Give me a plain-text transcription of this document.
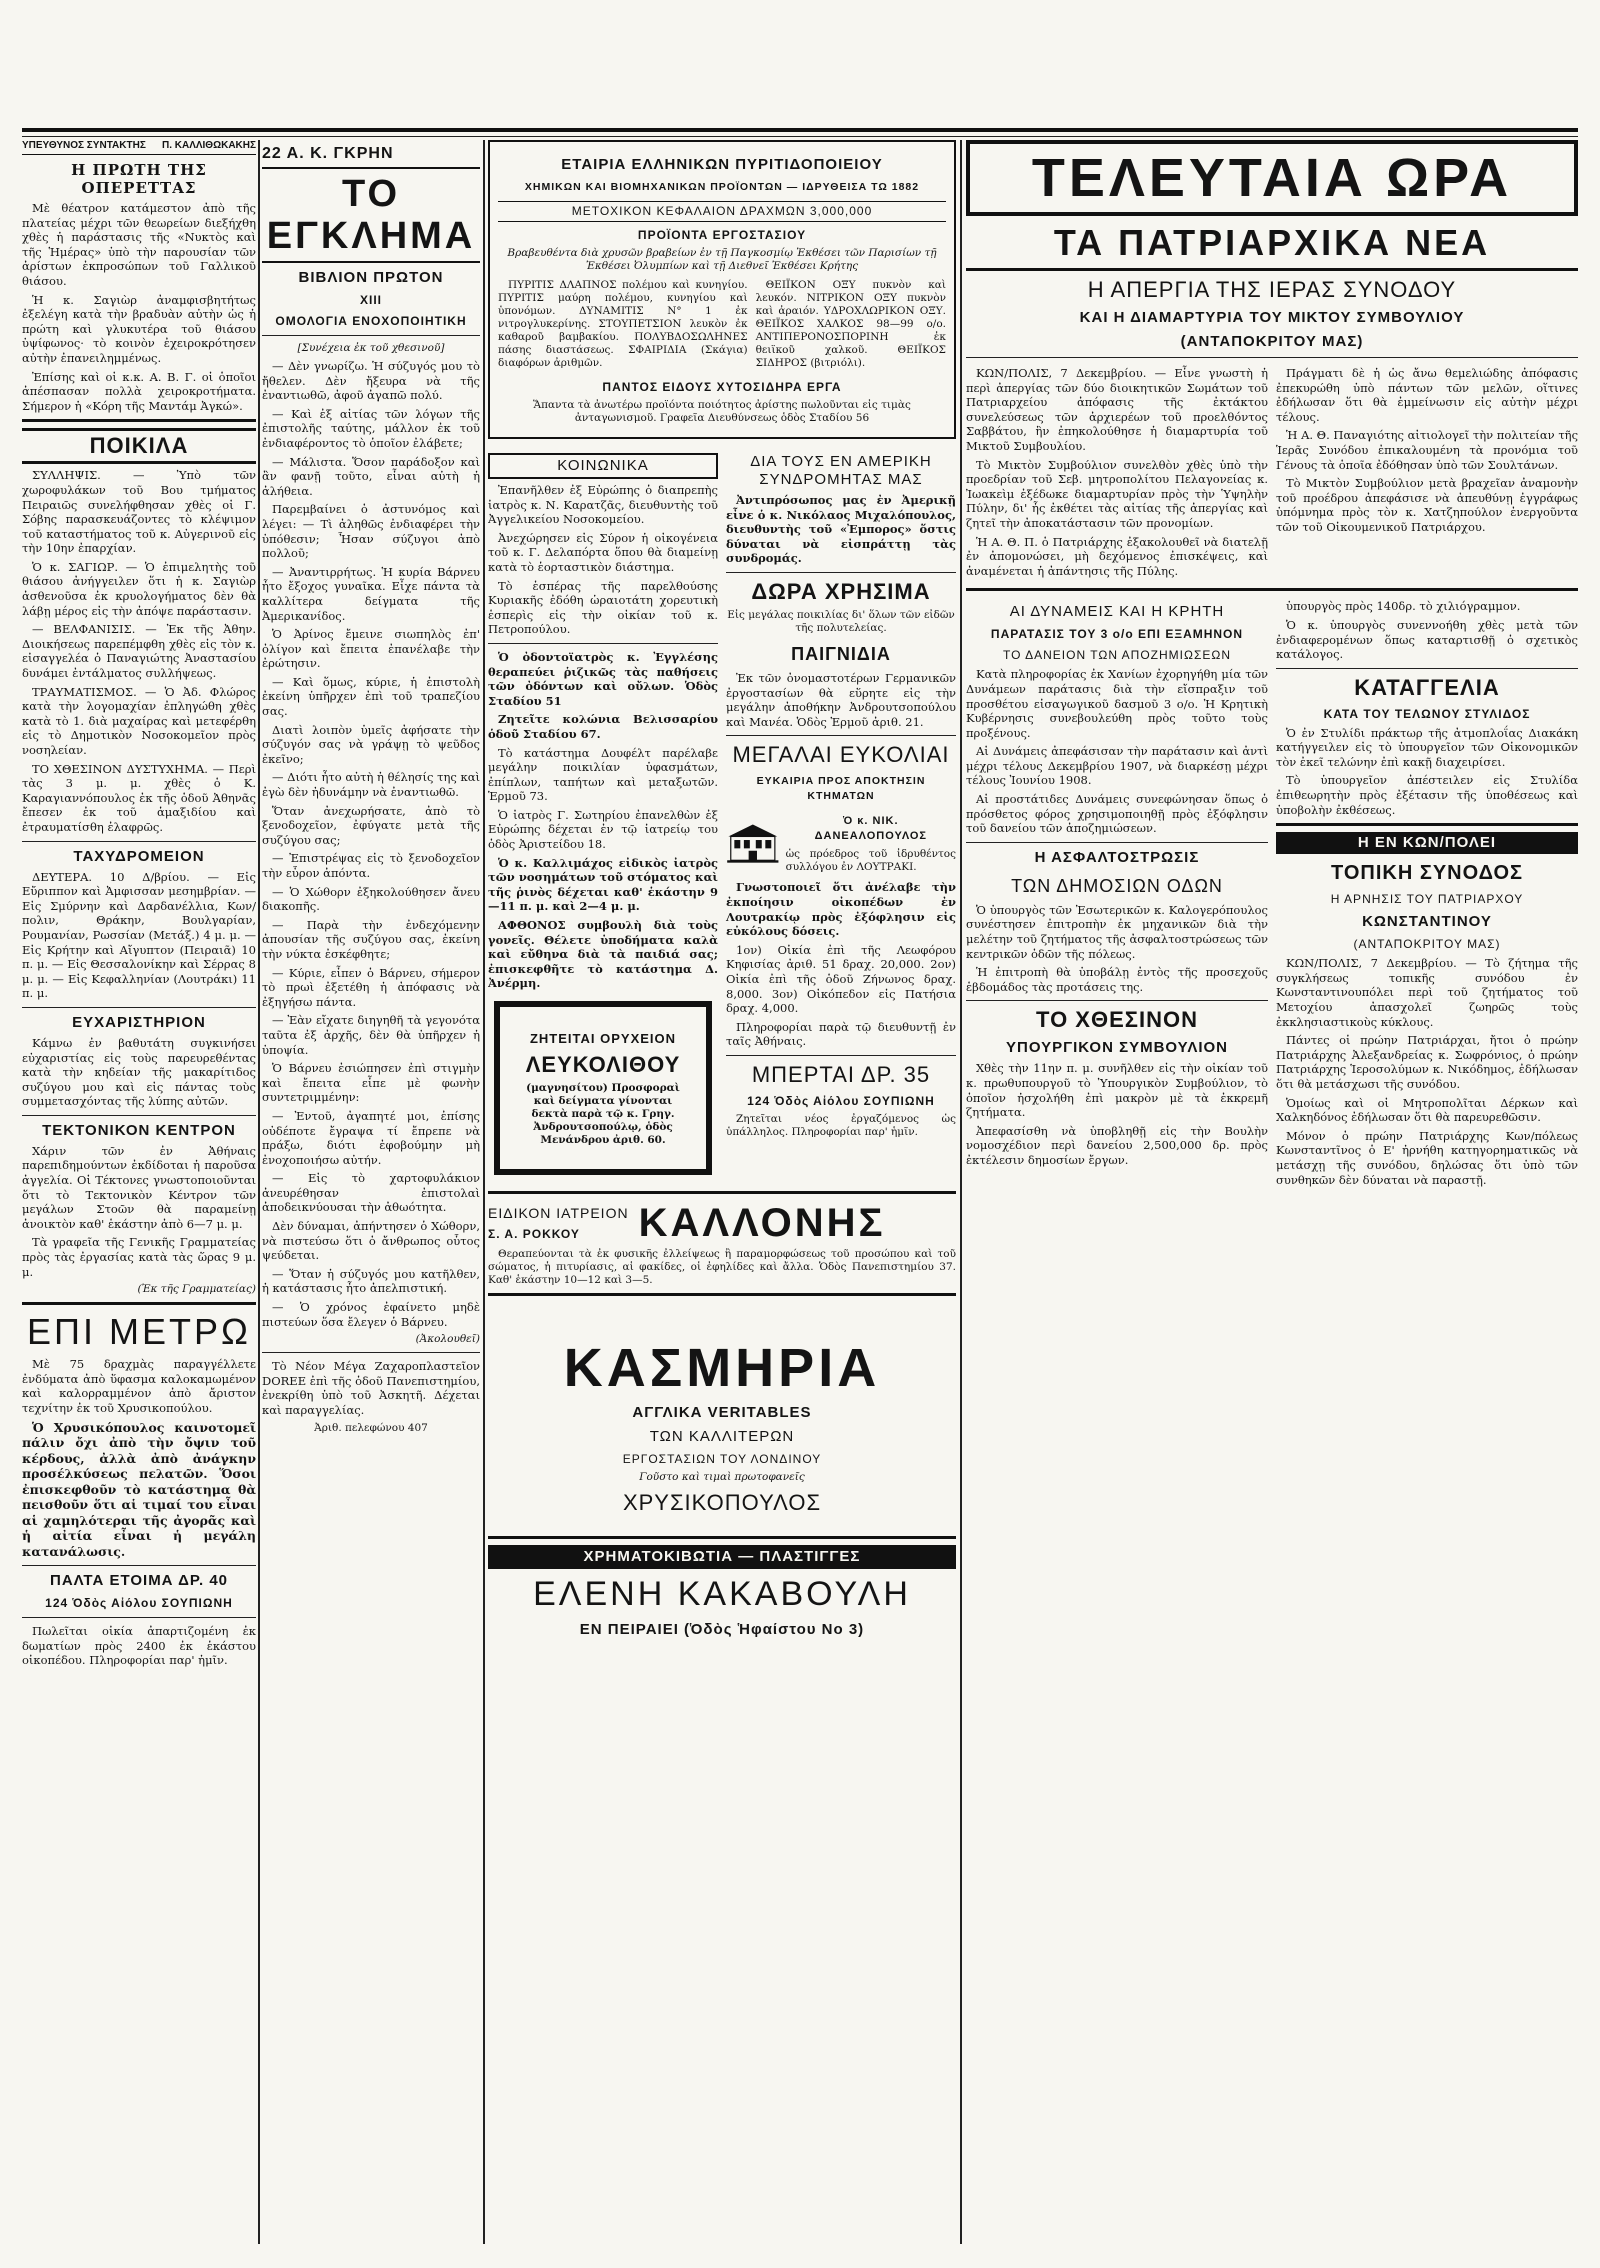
ΥΠΕΥΘΥΝΟΣ ΣΥΝΤΑΚΤΗΣ Π. ΚΑΛΛΙΘΩΚΑΚΗΣ
Η ΠΡΩΤΗ ΤΗΣ ΟΠΕΡΕΤΤΑΣ

Μὲ θέατρον κατάμεστον ἀπὸ τῆς πλατείας μέχρι τῶν θεωρείων διεξήχθη χθὲς ἡ παράστασις τῆς «Νυκτὸς καὶ τῆς Ἡμέρας» ὑπὸ τὴν παρουσίαν τῶν ἀρίστων ἐκπροσώπων τοῦ Γαλλικοῦ θιάσου.

Ἡ κ. Σαγιὼρ ἀναμφισβητήτως ἐξελέγη κατὰ τὴν βραδυὰν αὐτὴν ὡς ἡ πρώτη καὶ γλυκυτέρα τοῦ θιάσου ὑψίφωνος· τὸ κοινὸν ἐχειροκρότησεν αὐτὴν ἐπανειλημμένως.

Ἐπίσης καὶ οἱ κ.κ. Α. Β. Γ. οἱ ὁποῖοι ἀπέσπασαν πολλὰ χειροκροτήματα. Σήμερον ἡ «Κόρη τῆς Μαντάμ Ἀγκώ».

ΠΟΙΚΙΛΑ

ΣΥΛΛΗΨΙΣ. — Ὑπὸ τῶν χωροφυλάκων τοῦ Βου τμήματος Πειραιῶς συνελήφθησαν χθὲς οἱ Γ. Σόβης παρασκευάζοντες τὸ κλέψιμον τοῦ καταστήματος τοῦ κ. Αὐγερινοῦ εἰς τὴν 10ην ἐπαρχίαν.

Ὁ κ. ΣΑΓΙΩΡ. — Ὁ ἐπιμελητὴς τοῦ θιάσου ἀνήγγειλεν ὅτι ἡ κ. Σαγιὼρ ἀσθενοῦσα ἐκ κρυολογήματος δὲν θὰ λάβῃ μέρος εἰς τὴν ἀπόψε παράστασιν.

— ΒΕΛΦΑΝΙΣΙΣ. — Ἐκ τῆς Ἀθην. Διοικήσεως παρεπέμφθη χθὲς εἰς τὸν κ. εἰσαγγελέα ὁ Παναγιώτης Ἀναστασίου δυνάμει ἐντάλματος συλλήψεως.

ΤΡΑΥΜΑΤΙΣΜΟΣ. — Ὁ Ἀδ. Φλώρος κατὰ τὴν λογομαχίαν ἐπληγώθη χθὲς κατὰ τὸ 1. διὰ μαχαίρας καὶ μετεφέρθη εἰς τὸ Δημοτικὸν Νοσοκομεῖον πρὸς νοσηλείαν.

ΤΟ ΧΘΕΣΙΝΟΝ ΔΥΣΤΥΧΗΜΑ. — Περὶ τὰς 3 μ. μ. χθὲς ὁ Κ. Καραγιαννόπουλος ἐκ τῆς ὁδοῦ Ἀθηνᾶς ἔπεσεν ἐκ τοῦ ἁμαξιδίου καὶ ἐτραυματίσθη ἐλαφρῶς.

ΤΑΧΥΔΡΟΜΕΙΟΝ

ΔΕΥΤΕΡΑ. 10 Δ/βρίου. — Εἰς Εὔριππον καὶ Ἀμφισσαν μεσημβρίαν. — Εἰς Σμύρνην καὶ Δαρδανέλλια, Κων/πολιν, Θράκην, Βουλγαρίαν, Ρουμανίαν, Ρωσσίαν (Μετάξ.) 4 μ. μ. — Εἰς Κρήτην καὶ Αἴγυπτον (Πειραιᾶ) 10 π. μ. — Εἰς Θεσσαλονίκην καὶ Σέρρας 8 μ. μ. — Εἰς Κεφαλληνίαν (Λουτράκι) 11 π. μ.

ΕΥΧΑΡΙΣΤΗΡΙΟΝ

Κάμνω ἐν βαθυτάτη συγκινήσει εὐχαριστίας εἰς τοὺς παρευρεθέντας κατὰ τὴν κηδείαν τῆς μακαρίτιδος συζύγου μου καὶ εἰς πάντας τοὺς συμμετασχόντας τῆς λύπης αὐτῶν.

ΤΕΚΤΟΝΙΚΟΝ ΚΕΝΤΡΟΝ

Χάριν τῶν ἐν Ἀθήναις παρεπιδημούντων ἐκδίδοται ἡ παροῦσα ἀγγελία. Οἱ Τέκτονες γνωστοποιοῦνται ὅτι τὸ Τεκτονικὸν Κέντρον τῶν μεγάλων Στοῶν θὰ παραμείνῃ ἀνοικτὸν καθ' ἑκάστην ἀπὸ 6—7 μ. μ.

Τὰ γραφεῖα τῆς Γενικῆς Γραμματείας πρὸς τὰς ἐργασίας κατὰ τὰς ὥρας 9 μ. μ.

(Ἐκ τῆς Γραμματείας)
ΕΠΙ ΜΕΤΡΩ

Μὲ 75 δραχμὰς παραγγέλλετε ἐνδύματα ἀπὸ ὕφασμα καλοκαμωμένον καὶ καλορραμμένον ἀπὸ ἄριστον τεχνίτην ἐκ τοῦ Χρυσικοπούλου.

Ὁ Χρυσικόπουλος καινοτομεῖ πάλιν ὄχι ἀπὸ τὴν ὄψιν τοῦ κέρδους, ἀλλὰ ἀπὸ ἀνάγκην προσέλκύσεως πελατῶν. Ὅσοι ἐπισκεφθοῦν τὸ κατάστημα θὰ πεισθοῦν ὅτι αἱ τιμαί του εἶναι αἱ χαμηλότεραι τῆς ἀγορᾶς καὶ ἡ αἰτία εἶναι ἡ μεγάλη κατανάλωσις.

ΠΑΛΤΑ ΕΤΟΙΜΑ ΔΡ. 40
124 Ὁδὸς Αἰόλου ΣΟΥΠΙΩΝΗ

Πωλεῖται οἰκία ἀπαρτιζομένη ἐκ δωματίων πρὸς 2400 ἐκ ἑκάστου οἰκοπέδου. Πληροφορίαι παρ' ἡμῖν.

22 Α. Κ. ΓΚΡΗΝ
ΤΟ ΕΓΚΛΗΜΑ
ΒΙΒΛΙΟΝ ΠΡΩΤΟΝ
XIII
ΟΜΟΛΟΓΙΑ ΕΝΟΧΟΠΟΙΗΤΙΚΗ
[Συνέχεια ἐκ τοῦ χθεσινοῦ]

— Δὲν γνωρίζω. Ἡ σύζυγός μου τὸ ἤθελεν. Δὲν ἤξευρα νὰ τῆς ἐναντιωθῶ, ἀφοῦ ἀγαπῶ πολύ.

— Καὶ ἐξ αἰτίας τῶν λόγων τῆς ἐπιστολῆς ταύτης, μάλλον ἐκ τοῦ ἐνδιαφέροντος τὸ ὁποῖον ἐλάβετε;

— Μάλιστα. Ὅσον παράδοξον καὶ ἂν φανῇ τοῦτο, εἶναι αὐτὴ ἡ ἀλήθεια.

Παρεμβαίνει ὁ ἀστυνόμος καὶ λέγει: — Τὶ ἀληθῶς ἐνδιαφέρει τὴν ὑπόθεσιν; Ἦσαν σύζυγοι ἀπὸ πολλοῦ;

— Ἀναντιρρήτως. Ἡ κυρία Βάρνευ ἦτο ἔξοχος γυναῖκα. Εἶχε πάντα τὰ καλλίτερα δείγματα τῆς Ἀμερικανίδος.

Ὁ Ἀρίνος ἔμεινε σιωπηλὸς ἐπ' ὀλίγον καὶ ἔπειτα ἐπανέλαβε τὴν ἐρώτησιν.

— Καὶ ὅμως, κύριε, ἡ ἐπιστολὴ ἐκείνη ὑπῆρχεν ἐπὶ τοῦ τραπεζίου σας.

Διατὶ λοιπὸν ὑμεῖς ἀφήσατε τὴν σύζυγόν σας νὰ γράψῃ τὸ ψεῦδος ἐκεῖνο;

— Διότι ἦτο αὐτὴ ἡ θέλησίς της καὶ ἐγὼ δὲν ἠδυνάμην νὰ ἐναντιωθῶ.

Ὅταν ἀνεχωρήσατε, ἀπὸ τὸ ξενοδοχεῖον, ἐφύγατε μετὰ τῆς συζύγου σας;

— Ἐπιστρέψας εἰς τὸ ξενοδοχεῖον τὴν εὗρον ἀπόντα.

— Ὁ Χώθορν ἐξηκολούθησεν ἄνευ διακοπῆς.

— Παρὰ τὴν ἐνδεχόμενην ἀπουσίαν τῆς συζύγου σας, ἐκείνη τὴν νύκτα ἐσκέφθητε;

— Κύριε, εἶπεν ὁ Βάρνευ, σήμερον τὸ πρωὶ ἐξετέθη ἡ ἀπόφασις νὰ ἐξηγήσω πάντα.

— Ἐὰν εἴχατε διηγηθῆ τὰ γεγονότα ταῦτα ἐξ ἀρχῆς, δὲν θὰ ὑπῆρχεν ἡ ὑποψία.

Ὁ Βάρνευ ἐσιώπησεν ἐπὶ στιγμὴν καὶ ἔπειτα εἶπε μὲ φωνὴν συντετριμμένην:

— Ἐντοῦ, ἀγαπητέ μοι, ἐπίσης οὐδέποτε ἔγραψα τί ἔπρεπε νὰ πράξω, διότι ἐφοβούμην μὴ ἐνοχοποιήσω αὐτήν.

— Εἰς τὸ χαρτοφυλάκιον ἀνευρέθησαν ἐπιστολαὶ ἀποδεικνύουσαι τὴν ἀθωότητα.

Δὲν δύναμαι, ἀπήντησεν ὁ Χώθορν, νὰ πιστεύσω ὅτι ὁ ἄνθρωπος οὗτος ψεύδεται.

— Ὅταν ἡ σύζυγός μου κατῆλθεν, ἡ κατάστασις ἦτο ἀπελπιστική.

— Ὁ χρόνος ἐφαίνετο μηδὲ πιστεύων ὅσα ἔλεγεν ὁ Βάρνευ.

(Ἀκολουθεῖ)

Τὸ Νέον Μέγα Ζαχαροπλαστεῖον DOREE ἐπὶ τῆς ὁδοῦ Πανεπιστημίου, ἐνεκρίθη ὑπὸ τοῦ Ἀσκητῆ. Δέχεται καὶ παραγγελίας.

Ἀριθ. πελεφώνου 407
ΕΤΑΙΡΙΑ ΕΛΛΗΝΙΚΩΝ ΠΥΡΙΤΙΔΟΠΟΙΕΙΟΥ
ΧΗΜΙΚΩΝ ΚΑΙ ΒΙΟΜΗΧΑΝΙΚΩΝ ΠΡΟΪΟΝΤΩΝ — ΙΔΡΥΘΕΙΣΑ ΤΩ 1882
ΜΕΤΟΧΙΚΟΝ ΚΕΦΑΛΑΙΟΝ ΔΡΑΧΜΩΝ 3,000,000
ΠΡΟΪΟΝΤΑ ΕΡΓΟΣΤΑΣΙΟΥ

Βραβευθέντα διὰ χρυσῶν βραβείων ἐν τῇ Παγκοσμίῳ Ἐκθέσει τῶν Παρισίων τῇ Ἐκθέσει Ὀλυμπίων καὶ τῇ Διεθνεῖ Ἐκθέσει Κρήτης

ΠΥΡΙΤΙΣ ΔΛΑΠΝΟΣ πολέμου καὶ κυνηγίου. ΠΥΡΙΤΙΣ μαύρη πολέμου, κυνηγίου καὶ ὑπονόμων. ΔΥΝΑΜΙΤΙΣ Ν° 1 ἐκ νιτρογλυκερίνης. ΣΤΟΥΠΕΤΣΙΟΝ λευκὸν ἐκ καθαροῦ βαμβακίου. ΠΟΛΥΒΔΟΣΩΛΗΝΕΣ πάσης διαστάσεως. ΣΦΑΙΡΙΔΙΑ (Σκάγια) διαφόρων ἀριθμῶν.

ΘΕΙΪΚΟΝ ΟΞΥ πυκνὸν καὶ λευκόν. ΝΙΤΡΙΚΟΝ ΟΞΥ πυκνὸν καὶ ἀραιόν. ΥΔΡΟΧΛΩΡΙΚΟΝ ΟΞΥ. ΘΕΙΪΚΟΣ ΧΑΛΚΟΣ 98—99 ο/ο. ΑΝΤΙΠΕΡΟΝΟΣΠΟΡΙΝΗ ἐκ θειϊκοῦ χαλκοῦ. ΘΕΙΪΚΟΣ ΣΙΔΗΡΟΣ (βιτριόλι).

ΠΑΝΤΟΣ ΕΙΔΟΥΣ ΧΥΤΟΣΙΔΗΡΑ ΕΡΓΑ

Ἅπαντα τὰ ἀνωτέρω προϊόντα ποιότητος ἀρίστης πωλοῦνται εἰς τιμὰς ἀνταγωνισμοῦ. Γραφεῖα Διευθύνσεως ὁδὸς Σταδίου 56

ΚΟΙΝΩΝΙΚΑ

Ἐπανῆλθεν ἐξ Εὐρώπης ὁ διαπρεπὴς ἰατρὸς κ. Ν. Καρατζᾶς, διευθυντὴς τοῦ Ἀγγελικείου Νοσοκομείου.

Ἀνεχώρησεν εἰς Σύρον ἡ οἰκογένεια τοῦ κ. Γ. Δελαπόρτα ὅπου θὰ διαμείνῃ κατὰ τὸ ἑορταστικὸν διάστημα.

Τὸ ἑσπέρας τῆς παρελθούσης Κυριακῆς ἐδόθη ὡραιοτάτη χορευτικὴ ἑσπερὶς εἰς τὴν οἰκίαν τοῦ κ. Πετροπούλου.

Ὁ ὀδοντοϊατρὸς κ. Ἐγγλέσης θεραπεύει ῥιζικῶς τὰς παθήσεις τῶν ὀδόντων καὶ οὔλων. Ὁδὸς Σταδίου 51

Ζητεῖτε κολώνια Βελισσαρίου ὁδοῦ Σταδίου 67.

Τὸ κατάστημα Δουφέλτ παρέλαβε μεγάλην ποικιλίαν ὑφασμάτων, ἐπίπλων, ταπήτων καὶ μεταξωτῶν. Ἑρμοῦ 73.

Ὁ ἰατρὸς Γ. Σωτηρίου ἐπανελθὼν ἐξ Εὐρώπης δέχεται ἐν τῷ ἰατρείῳ του ὁδὸς Ἀριστείδου 18.

Ὁ κ. Καλλιμάχος εἰδικὸς ἰατρὸς τῶν νοσημάτων τοῦ στόματος καὶ τῆς ῥινὸς δέχεται καθ' ἑκάστην 9—11 π. μ. καὶ 2—4 μ. μ.

ΑΦΘΟΝΟΣ συμβουλὴ διὰ τοὺς γονεῖς. Θέλετε ὑποδήματα καλὰ καὶ εὔθηνα διὰ τὰ παιδιά σας; ἐπισκεφθῆτε τὸ κατάστημα Δ. Ἀνέρμη.

ΖΗΤΕΙΤΑΙ ΟΡΥΧΕΙΟΝ
ΛΕΥΚΟΛΙΘΟΥ

(μαγνησίτου) Προσφοραὶ καὶ δείγματα γίνονται δεκτὰ παρὰ τῷ κ. Γρηγ. Ἀνδρουτσοπούλῳ, ὁδὸς Μενάνδρου ἀριθ. 60.

ΔΙΑ ΤΟΥΣ ΕΝ ΑΜΕΡΙΚΗ ΣΥΝΔΡΟΜΗΤΑΣ ΜΑΣ

Ἀντιπρόσωπος μας ἐν Ἀμερικῇ εἶνε ὁ κ. Νικόλαος Μιχαλόπουλος, διευθυντὴς τοῦ «Ἐμπορος» ὅστις δύναται νὰ εἰσπράττῃ τὰς συνδρομάς.

ΔΩΡΑ ΧΡΗΣΙΜΑ

Εἰς μεγάλας ποικιλίας δι' ὅλων τῶν εἰδῶν τῆς πολυτελείας.

ΠΑΙΓΝΙΔΙΑ

Ἐκ τῶν ὀνομαστοτέρων Γερμανικῶν ἐργοστασίων θὰ εὕρητε εἰς τὴν μεγάλην ἀποθήκην Ἀνδρουτσοπούλου καὶ Μανέα. Ὁδὸς Ἑρμοῦ ἀριθ. 21.

ΜΕΓΑΛΑΙ ΕΥΚΟΛΙΑΙ
ΕΥΚΑΙΡΙΑ ΠΡΟΣ ΑΠΟΚΤΗΣΙΝ ΚΤΗΜΑΤΩΝ
Ὁ κ. ΝΙΚ. ΔΑΝΕΑΛΟΠΟΥΛΟΣ

ὡς πρόεδρος τοῦ ἰδρυθέντος συλλόγου ἐν ΛΟΥΤΡΑΚΙ.

Γνωστοποιεῖ ὅτι ἀνέλαβε τὴν ἐκποίησιν οἰκοπέδων ἐν Λουτρακίῳ πρὸς ἐξόφλησιν εἰς εὐκόλους δόσεις.

1ον) Οἰκία ἐπὶ τῆς Λεωφόρου Κηφισίας ἀριθ. 51 δραχ. 20,000. 2ον) Οἰκία ἐπὶ τῆς ὁδοῦ Ζήνωνος δραχ. 8,000. 3ον) Οἰκόπεδον εἰς Πατήσια δραχ. 4,000.

Πληροφορίαι παρὰ τῷ διευθυντῇ ἐν ταῖς Ἀθήναις.

ΜΠΕΡΤΑΙ ΔΡ. 35
124 Ὁδὸς Αἰόλου ΣΟΥΠΙΩΝΗ

Ζητεῖται νέος ἐργαζόμενος ὡς ὑπάλληλος. Πληροφορίαι παρ' ἡμῖν.

ΕΙΔΙΚΟΝ ΙΑΤΡΕΙΟΝ
Σ. Α. ΡΟΚΚΟΥ	ΚΑΛΛΟΝΗΣ

Θεραπεύονται τὰ ἐκ φυσικῆς ἐλλείψεως ἢ παραμορφώσεως τοῦ προσώπου καὶ τοῦ σώματος, ἡ πιτυρίασις, αἱ φακίδες, οἱ ἐφηλίδες καὶ ἄλλα. Ὁδὸς Πανεπιστημίου 37. Καθ' ἑκάστην 10—12 καὶ 3—5.

ΚΑΣΜΗΡΙΑ
ΑΓΓΛΙΚΑ VERITABLES
ΤΩΝ ΚΑΛΛΙΤΕΡΩΝ
ΕΡΓΟΣΤΑΣΙΩΝ ΤΟΥ ΛΟΝΔΙΝΟΥ
Γοῦστο καὶ τιμαὶ πρωτοφανεῖς
ΧΡΥΣΙΚΟΠΟΥΛΟΣ
ΧΡΗΜΑΤΟΚΙΒΩΤΙΑ — ΠΛΑΣΤΙΓΓΕΣ
ΕΛΕΝΗ ΚΑΚΑΒΟΥΛΗ
ΕΝ ΠΕΙΡΑΙΕΙ (Ὁδὸς Ἡφαίστου Νο 3)
ΤΕΛΕΥΤΑΙΑ ΩΡΑ
ΤΑ ΠΑΤΡΙΑΡΧΙΚΑ ΝΕΑ
Η ΑΠΕΡΓΙΑ ΤΗΣ ΙΕΡΑΣ ΣΥΝΟΔΟΥ
ΚΑΙ Η ΔΙΑΜΑΡΤΥΡΙΑ ΤΟΥ ΜΙΚΤΟΥ ΣΥΜΒΟΥΛΙΟΥ
(ΑΝΤΑΠΟΚΡΙΤΟΥ ΜΑΣ)

ΚΩΝ/ΠΟΛΙΣ, 7 Δεκεμβρίου. — Εἶνε γνωστὴ ἡ περὶ ἀπεργίας τῶν δύο διοικητικῶν Σωμάτων τοῦ Πατριαρχείου ἀπόφασις τῆς ἐκτάκτου συνελεύσεως τῶν ἀρχιερέων τοῦ προελθόντος Σαββάτου, ἣν ἐπηκολούθησε ἡ διαμαρτυρία τοῦ Μικτοῦ Συμβουλίου.

Τὸ Μικτὸν Συμβούλιον συνελθὸν χθὲς ὑπὸ τὴν προεδρίαν τοῦ Σεβ. μητροπολίτου Πελαγονείας κ. Ἰωακεὶμ ἐξέδωκε διαμαρτυρίαν πρὸς τὴν Ὑψηλὴν Πύλην, δι' ἧς ἐκθέτει τὰς αἰτίας τῆς ἀπεργίας καὶ ζητεῖ τὴν ἀποκατάστασιν τῶν προνομίων.

Ἡ Α. Θ. Π. ὁ Πατριάρχης ἐξακολουθεῖ νὰ διατελῇ ἐν ἀπομονώσει, μὴ δεχόμενος ἐπισκέψεις, καὶ ἀναμένεται ἡ ἀπάντησις τῆς Πύλης.

Πράγματι δὲ ἡ ὡς ἄνω θεμελιώδης ἀπόφασις ἐπεκυρώθη ὑπὸ πάντων τῶν μελῶν, οἵτινες ἐδήλωσαν ὅτι θὰ ἐμμείνωσιν εἰς αὐτὴν μέχρι τέλους.

Ἡ Α. Θ. Παναγιότης αἰτιολογεῖ τὴν πολιτείαν τῆς Ἱερᾶς Συνόδου ἐπικαλουμένη τὰ προνόμια τοῦ Γένους τὰ ὁποῖα ἐδόθησαν ὑπὸ τῶν Σουλτάνων.

Τὸ Μικτὸν Συμβούλιον μετὰ βραχεῖαν ἀναμονὴν τοῦ προέδρου ἀπεφάσισε νὰ ἀπευθύνῃ ἐγγράφως ὑπόμνημα πρὸς τὸν κ. Χατζηπούλον ἐνεργοῦντα τῶν τοῦ Οἰκουμενικοῦ Πατριάρχου.

ΑΙ ΔΥΝΑΜΕΙΣ ΚΑΙ Η ΚΡΗΤΗ
ΠΑΡΑΤΑΣΙΣ ΤΟΥ 3 ο/ο ΕΠΙ ΕΞΑΜΗΝΟΝ
ΤΟ ΔΑΝΕΙΟΝ ΤΩΝ ΑΠΟΖΗΜΙΩΣΕΩΝ

Κατὰ πληροφορίας ἐκ Χανίων ἐχορηγήθη μία τῶν Δυνάμεων παράτασις διὰ τὴν εἴσπραξιν τοῦ προσθέτου εἰσαγωγικοῦ δασμοῦ 3 ο/ο. Ἡ Κρητικὴ Κυβέρνησις συνεβουλεύθη πρὸς τοῦτο τοὺς προξένους.

Αἱ Δυνάμεις ἀπεφάσισαν τὴν παράτασιν καὶ ἀντὶ μέχρι τέλους Δεκεμβρίου 1907, νὰ διαρκέσῃ μέχρι τέλους Ἰουνίου 1908.

Αἱ προστάτιδες Δυνάμεις συνεφώνησαν ὅπως ὁ πρόσθετος φόρος χρησιμοποιηθῇ πρὸς ἐξόφλησιν τοῦ δανείου τῶν ἀποζημιώσεων.

Η ΑΣΦΑΛΤΟΣΤΡΩΣΙΣ
ΤΩΝ ΔΗΜΟΣΙΩΝ ΟΔΩΝ

Ὁ ὑπουργὸς τῶν Ἐσωτερικῶν κ. Καλογερόπουλος συνέστησεν ἐπιτροπὴν ἐκ μηχανικῶν διὰ τὴν μελέτην τοῦ ζητήματος τῆς ἀσφαλτοστρώσεως τῶν κεντρικῶν ὁδῶν τῆς πόλεως.

Ἡ ἐπιτροπὴ θὰ ὑποβάλῃ ἐντὸς τῆς προσεχοῦς ἑβδομάδος τὰς προτάσεις της.

ΤΟ ΧΘΕΣΙΝΟΝ
ΥΠΟΥΡΓΙΚΟΝ ΣΥΜΒΟΥΛΙΟΝ

Χθὲς τὴν 11ην π. μ. συνῆλθεν εἰς τὴν οἰκίαν τοῦ κ. πρωθυπουργοῦ τὸ Ὑπουργικὸν Συμβούλιον, τὸ ὁποῖον ἠσχολήθη ἐπὶ μακρὸν μὲ τὰ ἐκκρεμῆ ζητήματα.

Ἀπεφασίσθη νὰ ὑποβληθῇ εἰς τὴν Βουλὴν νομοσχέδιον περὶ δανείου 2,500,000 δρ. πρὸς ἐκτέλεσιν δημοσίων ἔργων.

ὑπουργὸς πρὸς 140δρ. τὸ χιλιόγραμμον.

Ὁ κ. ὑπουργὸς συνεννοήθη χθὲς μετὰ τῶν ἐνδιαφερομένων ὅπως καταρτισθῇ ὁ σχετικὸς κατάλογος.

ΚΑΤΑΓΓΕΛΙΑ
ΚΑΤΑ ΤΟΥ ΤΕΛΩΝΟΥ ΣΤΥΛΙΔΟΣ

Ὁ ἐν Στυλίδι πράκτωρ τῆς ἀτμοπλοΐας Διακάκη κατήγγειλεν εἰς τὸ ὑπουργεῖον τῶν Οἰκονομικῶν τὸν ἐκεῖ τελώνην ἐπὶ κακῇ διαχειρίσει.

Τὸ ὑπουργεῖον ἀπέστειλεν εἰς Στυλίδα ἐπιθεωρητὴν πρὸς ἐξέτασιν τῆς ὑποθέσεως καὶ ὑποβολὴν ἐκθέσεως.

Η ΕΝ ΚΩΝ/ΠΟΛΕΙ
ΤΟΠΙΚΗ ΣΥΝΟΔΟΣ
Η ΑΡΝΗΣΙΣ ΤΟΥ ΠΑΤΡΙΑΡΧΟΥ
ΚΩΝΣΤΑΝΤΙΝΟΥ
(ΑΝΤΑΠΟΚΡΙΤΟΥ ΜΑΣ)

ΚΩΝ/ΠΟΛΙΣ, 7 Δεκεμβρίου. — Τὸ ζήτημα τῆς συγκλήσεως τοπικῆς συνόδου ἐν Κωνσταντινουπόλει περὶ τοῦ ζητήματος τοῦ Μετοχίου ἀπασχολεῖ ζωηρῶς τοὺς ἐκκλησιαστικοὺς κύκλους.

Πάντες οἱ πρώην Πατριάρχαι, ἤτοι ὁ πρώην Πατριάρχης Ἀλεξανδρείας κ. Σωφρόνιος, ὁ πρώην Πατριάρχης Ἱεροσολύμων κ. Νικόδημος, ἐδήλωσαν ὅτι θὰ μετάσχωσι τῆς συνόδου.

Ὁμοίως καὶ οἱ Μητροπολῖται Δέρκων καὶ Χαλκηδόνος ἐδήλωσαν ὅτι θὰ παρευρεθῶσιν.

Μόνον ὁ πρώην Πατριάρχης Κων/πόλεως Κωνσταντῖνος ὁ Ε' ἠρνήθη κατηγορηματικῶς νὰ μετάσχῃ τῆς συνόδου, δηλώσας ὅτι ὑπὸ τῶν συνθηκῶν δὲν δύναται νὰ παραστῇ.
